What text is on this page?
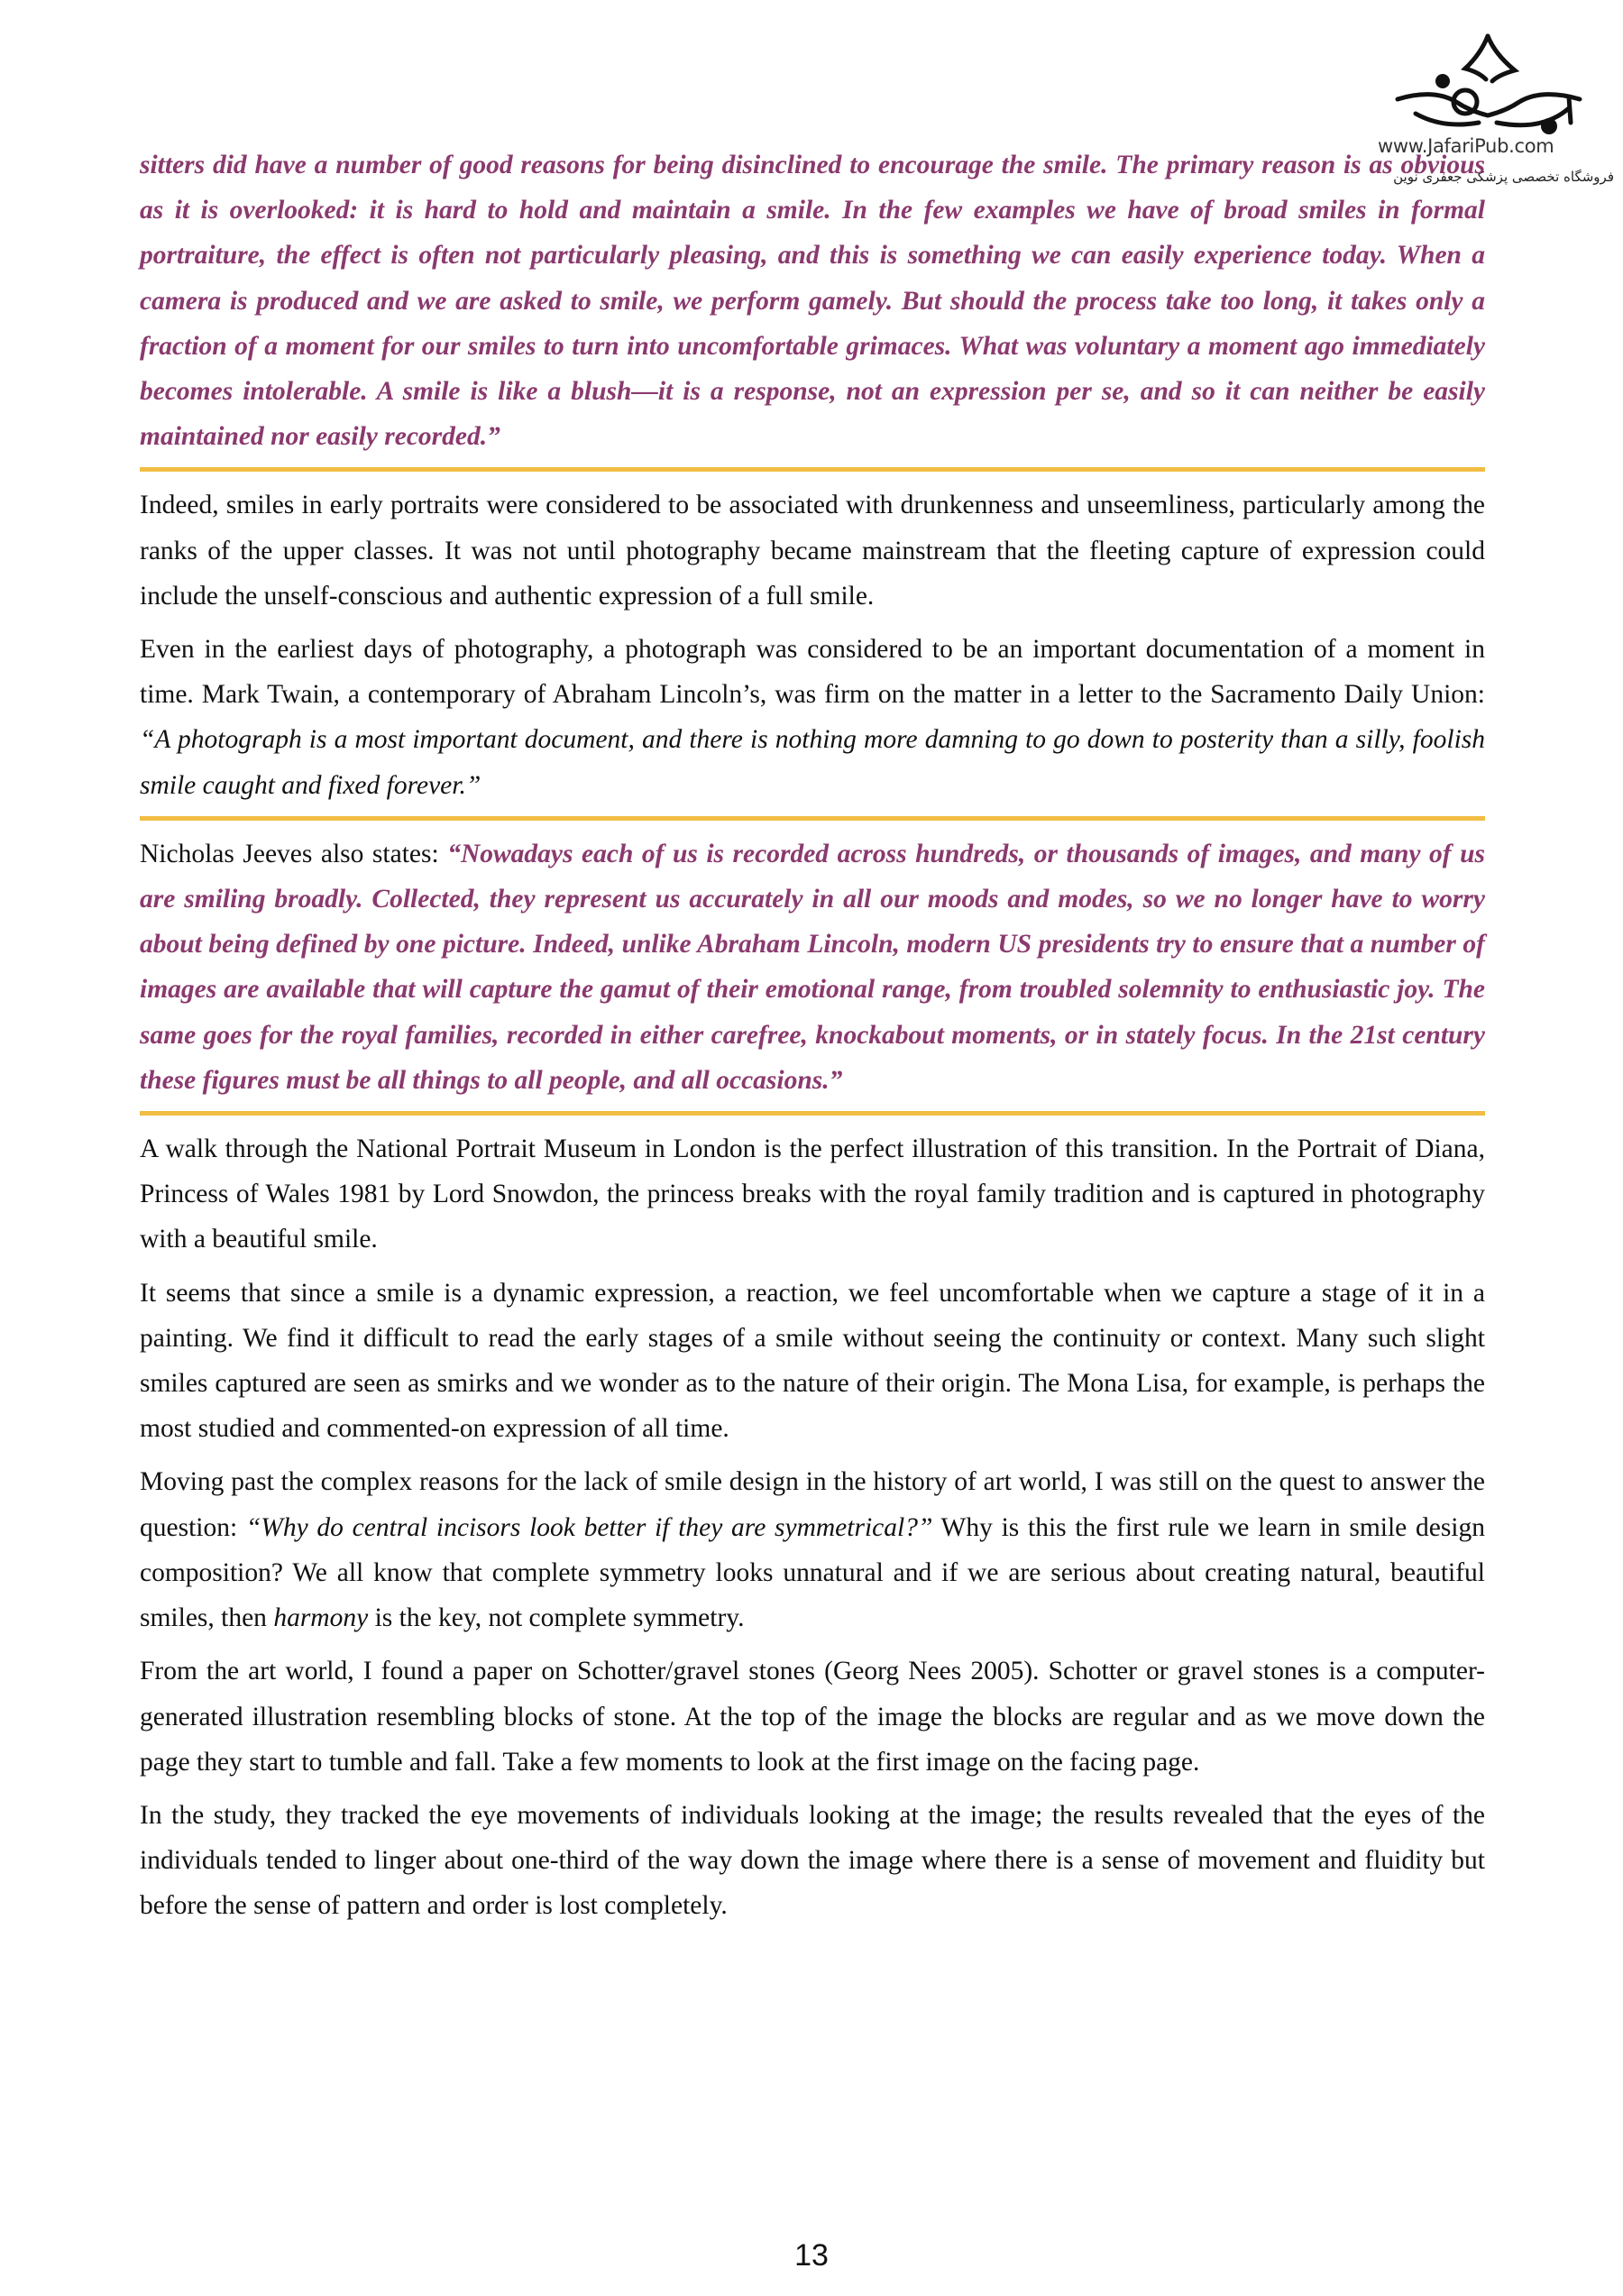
www.JafariPub.com
فروشگاه تخصصی پزشکی جعفری نوین

sitters did have a number of good reasons for being disinclined to encourage the smile. The primary reason is as obvious as it is overlooked: it is hard to hold and maintain a smile. In the few examples we have of broad smiles in formal portraiture, the effect is often not particularly pleasing, and this is something we can easily experience today. When a camera is produced and we are asked to smile, we perform gamely. But should the process take too long, it takes only a fraction of a moment for our smiles to turn into uncomfortable grimaces. What was voluntary a moment ago immediately becomes intolerable. A smile is like a blush—it is a response, not an expression per se, and so it can neither be easily maintained nor easily recorded.”

Indeed, smiles in early portraits were considered to be associated with drunkenness and unseemliness, particularly among the ranks of the upper classes. It was not until photography became mainstream that the fleeting capture of expression could include the unself-conscious and authentic expression of a full smile.

Even in the earliest days of photography, a photograph was considered to be an important documentation of a moment in time. Mark Twain, a contemporary of Abraham Lincoln’s, was firm on the matter in a letter to the Sacramento Daily Union: “A photograph is a most important document, and there is nothing more damning to go down to posterity than a silly, foolish smile caught and fixed forever.”

Nicholas Jeeves also states: “Nowadays each of us is recorded across hundreds, or thousands of images, and many of us are smiling broadly. Collected, they represent us accurately in all our moods and modes, so we no longer have to worry about being defined by one picture. Indeed, unlike Abraham Lincoln, modern US presidents try to ensure that a number of images are available that will capture the gamut of their emotional range, from troubled solemnity to enthusiastic joy. The same goes for the royal families, recorded in either carefree, knockabout moments, or in stately focus. In the 21st century these figures must be all things to all people, and all occasions.”

A walk through the National Portrait Museum in London is the perfect illustration of this transition. In the Portrait of Diana, Princess of Wales 1981 by Lord Snowdon, the princess breaks with the royal family tradition and is captured in photography with a beautiful smile.

It seems that since a smile is a dynamic expression, a reaction, we feel uncomfortable when we capture a stage of it in a painting. We find it difficult to read the early stages of a smile without seeing the continuity or context. Many such slight smiles captured are seen as smirks and we wonder as to the nature of their origin. The Mona Lisa, for example, is perhaps the most studied and commented-on expression of all time.

Moving past the complex reasons for the lack of smile design in the history of art world, I was still on the quest to answer the question: “Why do central incisors look better if they are symmetrical?” Why is this the first rule we learn in smile design composition? We all know that complete symmetry looks unnatural and if we are serious about creating natural, beautiful smiles, then harmony is the key, not complete symmetry.

From the art world, I found a paper on Schotter/gravel stones (Georg Nees 2005). Schotter or gravel stones is a computer-generated illustration resembling blocks of stone. At the top of the image the blocks are regular and as we move down the page they start to tumble and fall. Take a few moments to look at the first image on the facing page.

In the study, they tracked the eye movements of individuals looking at the image; the results revealed that the eyes of the individuals tended to linger about one-third of the way down the image where there is a sense of movement and fluidity but before the sense of pattern and order is lost completely.

13
